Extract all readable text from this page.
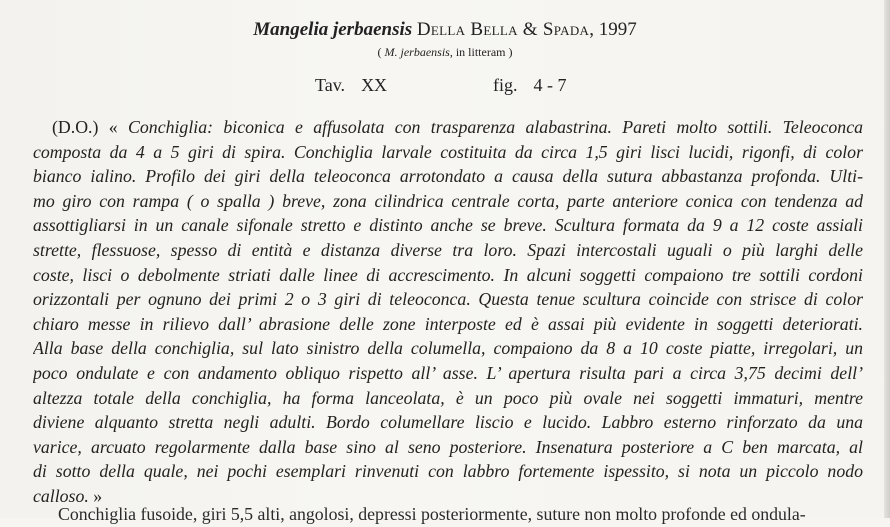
Mangelia jerbaensis Della Bella & Spada, 1997
( M. jerbaensis, in litteram )
Tav. XX	fig. 4 - 7
(D.O.) « Conchiglia: biconica e affusolata con trasparenza alabastrina. Pareti molto sottili. Teleoconca
composta da 4 a 5 giri di spira. Conchiglia larvale costituita da circa 1,5 giri lisci lucidi, rigonfi, di color
bianco ialino. Profilo dei giri della teleoconca arrotondato a causa della sutura abbastanza profonda. Ulti-
mo giro con rampa ( o spalla ) breve, zona cilindrica centrale corta, parte anteriore conica con tendenza ad
assottigliarsi in un canale sifonale stretto e distinto anche se breve. Scultura formata da 9 a 12 coste assiali
strette, flessuose, spesso di entità e distanza diverse tra loro. Spazi intercostali uguali o più larghi delle
coste, lisci o debolmente striati dalle linee di accrescimento. In alcuni soggetti compaiono tre sottili cordoni
orizzontali per ognuno dei primi 2 o 3 giri di teleoconca. Questa tenue scultura coincide con strisce di color
chiaro messe in rilievo dall’ abrasione delle zone interposte ed è assai più evidente in soggetti deteriorati.
Alla base della conchiglia, sul lato sinistro della columella, compaiono da 8 a 10 coste piatte, irregolari, un
poco ondulate e con andamento obliquo rispetto all’ asse. L’ apertura risulta pari a circa 3,75 decimi dell’
altezza totale della conchiglia, ha forma lanceolata, è un poco più ovale nei soggetti immaturi, mentre
diviene alquanto stretta negli adulti. Bordo columellare liscio e lucido. Labbro esterno rinforzato da una
varice, arcuato regolarmente dalla base sino al seno posteriore. Insenatura posteriore a C ben marcata, al
di sotto della quale, nei pochi esemplari rinvenuti con labbro fortemente ispessito, si nota un piccolo nodo
calloso. »
Conchiglia fusoide, giri 5,5 alti, angolosi, depressi posteriormente, suture non molto profonde ed ondula-
